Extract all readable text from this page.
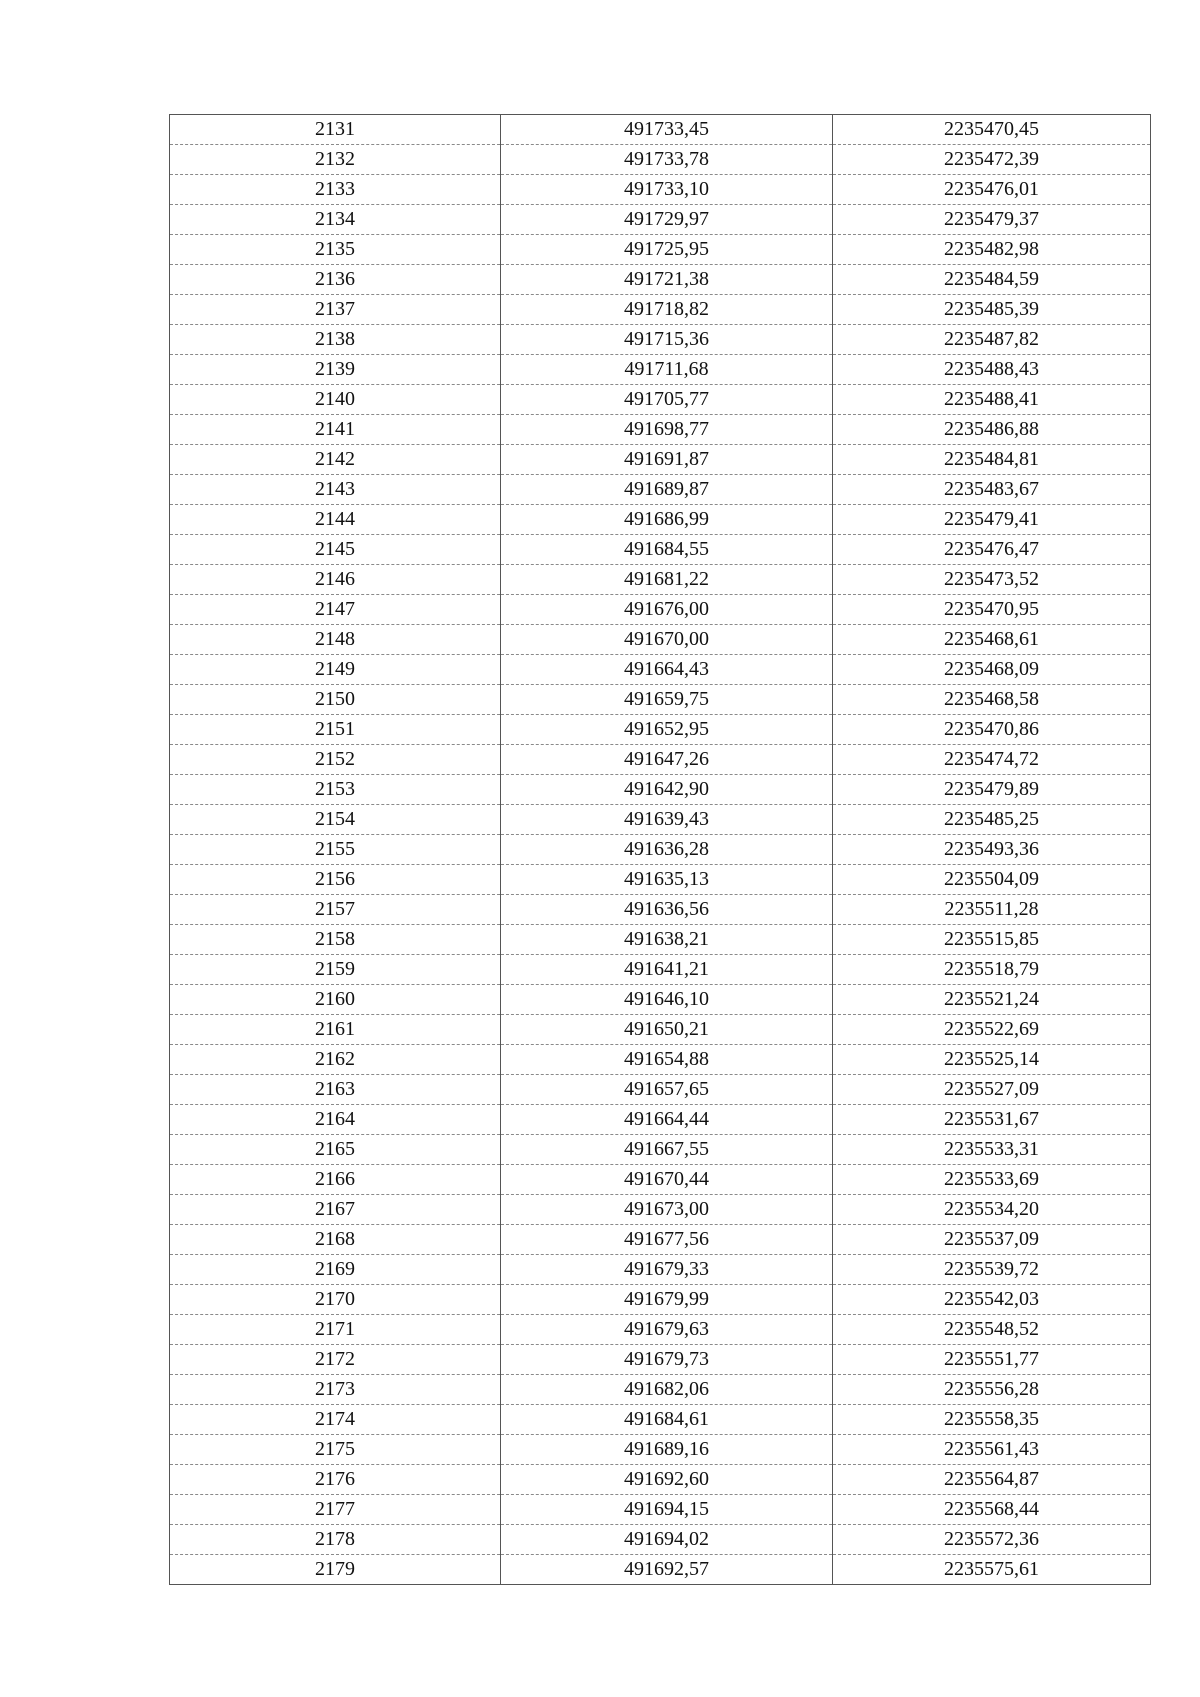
2131	491733,45	2235470,45
2132	491733,78	2235472,39
2133	491733,10	2235476,01
2134	491729,97	2235479,37
2135	491725,95	2235482,98
2136	491721,38	2235484,59
2137	491718,82	2235485,39
2138	491715,36	2235487,82
2139	491711,68	2235488,43
2140	491705,77	2235488,41
2141	491698,77	2235486,88
2142	491691,87	2235484,81
2143	491689,87	2235483,67
2144	491686,99	2235479,41
2145	491684,55	2235476,47
2146	491681,22	2235473,52
2147	491676,00	2235470,95
2148	491670,00	2235468,61
2149	491664,43	2235468,09
2150	491659,75	2235468,58
2151	491652,95	2235470,86
2152	491647,26	2235474,72
2153	491642,90	2235479,89
2154	491639,43	2235485,25
2155	491636,28	2235493,36
2156	491635,13	2235504,09
2157	491636,56	2235511,28
2158	491638,21	2235515,85
2159	491641,21	2235518,79
2160	491646,10	2235521,24
2161	491650,21	2235522,69
2162	491654,88	2235525,14
2163	491657,65	2235527,09
2164	491664,44	2235531,67
2165	491667,55	2235533,31
2166	491670,44	2235533,69
2167	491673,00	2235534,20
2168	491677,56	2235537,09
2169	491679,33	2235539,72
2170	491679,99	2235542,03
2171	491679,63	2235548,52
2172	491679,73	2235551,77
2173	491682,06	2235556,28
2174	491684,61	2235558,35
2175	491689,16	2235561,43
2176	491692,60	2235564,87
2177	491694,15	2235568,44
2178	491694,02	2235572,36
2179	491692,57	2235575,61
